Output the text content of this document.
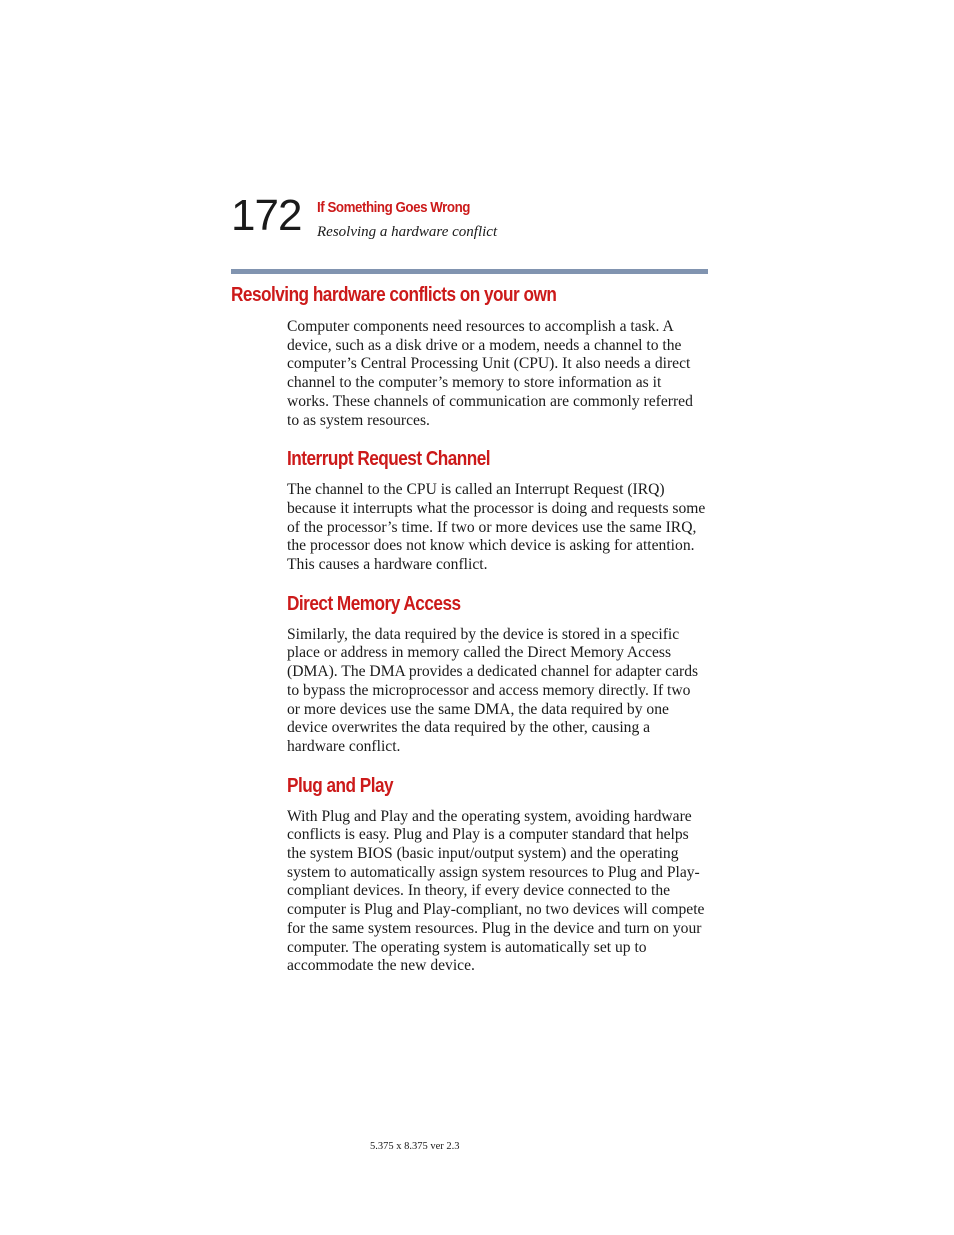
172 If Something Goes Wrong
Resolving a hardware conflict
Resolving hardware conflicts on your own

Computer components need resources to accomplish a task. A device, such as a disk drive or a modem, needs a channel to the computer’s Central Processing Unit (CPU). It also needs a direct channel to the computer’s memory to store information as it works. These channels of communication are commonly referred to as system resources.

Interrupt Request Channel

The channel to the CPU is called an Interrupt Request (IRQ) because it interrupts what the processor is doing and requests some of the processor’s time. If two or more devices use the same IRQ, the processor does not know which device is asking for attention. This causes a hardware conflict.

Direct Memory Access

Similarly, the data required by the device is stored in a specific place or address in memory called the Direct Memory Access (DMA). The DMA provides a dedicated channel for adapter cards to bypass the microprocessor and access memory directly. If two or more devices use the same DMA, the data required by one device overwrites the data required by the other, causing a hardware conflict.

Plug and Play

With Plug and Play and the operating system, avoiding hardware conflicts is easy. Plug and Play is a computer standard that helps the system BIOS (basic input/output system) and the operating system to automatically assign system resources to Plug and Play-compliant devices. In theory, if every device connected to the computer is Plug and Play-compliant, no two devices will compete for the same system resources. Plug in the device and turn on your computer. The operating system is automatically set up to accommodate the new device.

5.375 x 8.375 ver 2.3
